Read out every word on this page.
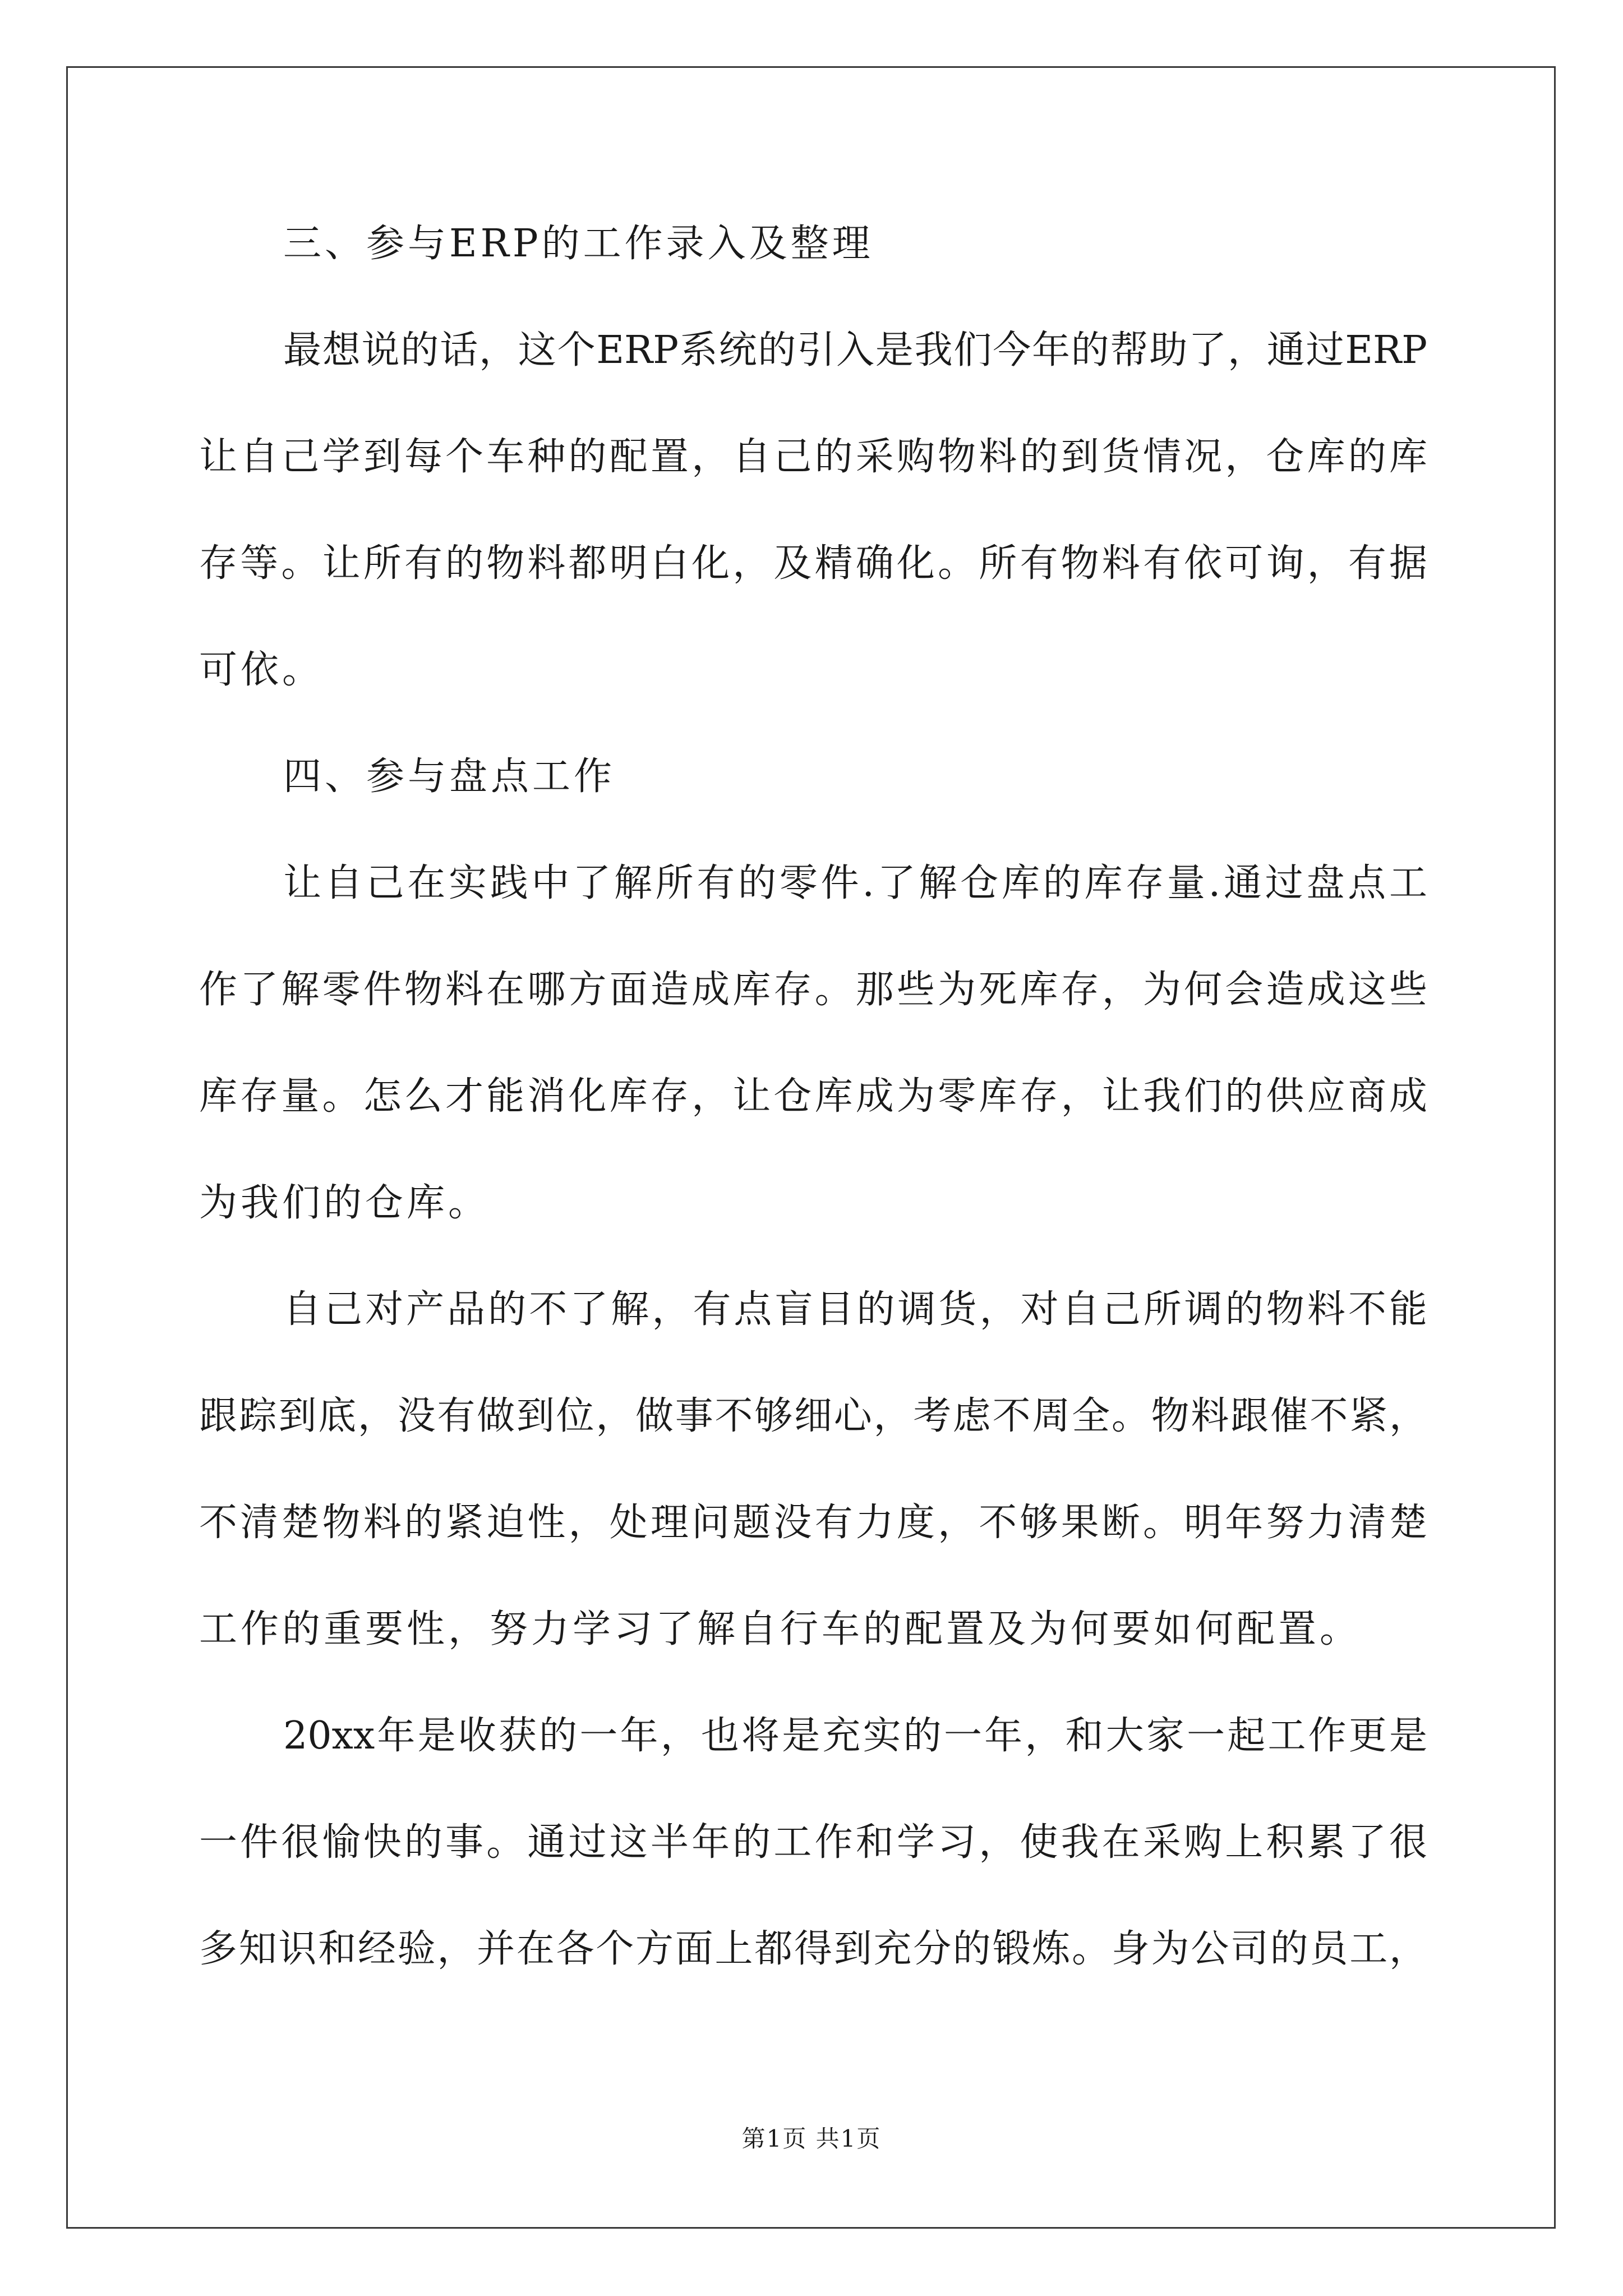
三、参与ERP的工作录入及整理
最想说的话，这个ERP系统的引入是我们今年的帮助了，通过ERP
让自己学到每个车种的配置，自己的采购物料的到货情况，仓库的库
存等。让所有的物料都明白化，及精确化。所有物料有依可询，有据
可依。
四、参与盘点工作
让自己在实践中了解所有的零件.了解仓库的库存量.通过盘点工
作了解零件物料在哪方面造成库存。那些为死库存，为何会造成这些
库存量。怎么才能消化库存，让仓库成为零库存，让我们的供应商成
为我们的仓库。
自己对产品的不了解，有点盲目的调货，对自己所调的物料不能
跟踪到底，没有做到位，做事不够细心，考虑不周全。物料跟催不紧，
不清楚物料的紧迫性，处理问题没有力度，不够果断。明年努力清楚
工作的重要性，努力学习了解自行车的配置及为何要如何配置。
20xx年是收获的一年，也将是充实的一年，和大家一起工作更是
一件很愉快的事。通过这半年的工作和学习，使我在采购上积累了很
多知识和经验，并在各个方面上都得到充分的锻炼。身为公司的员工，
第1页 共1页
